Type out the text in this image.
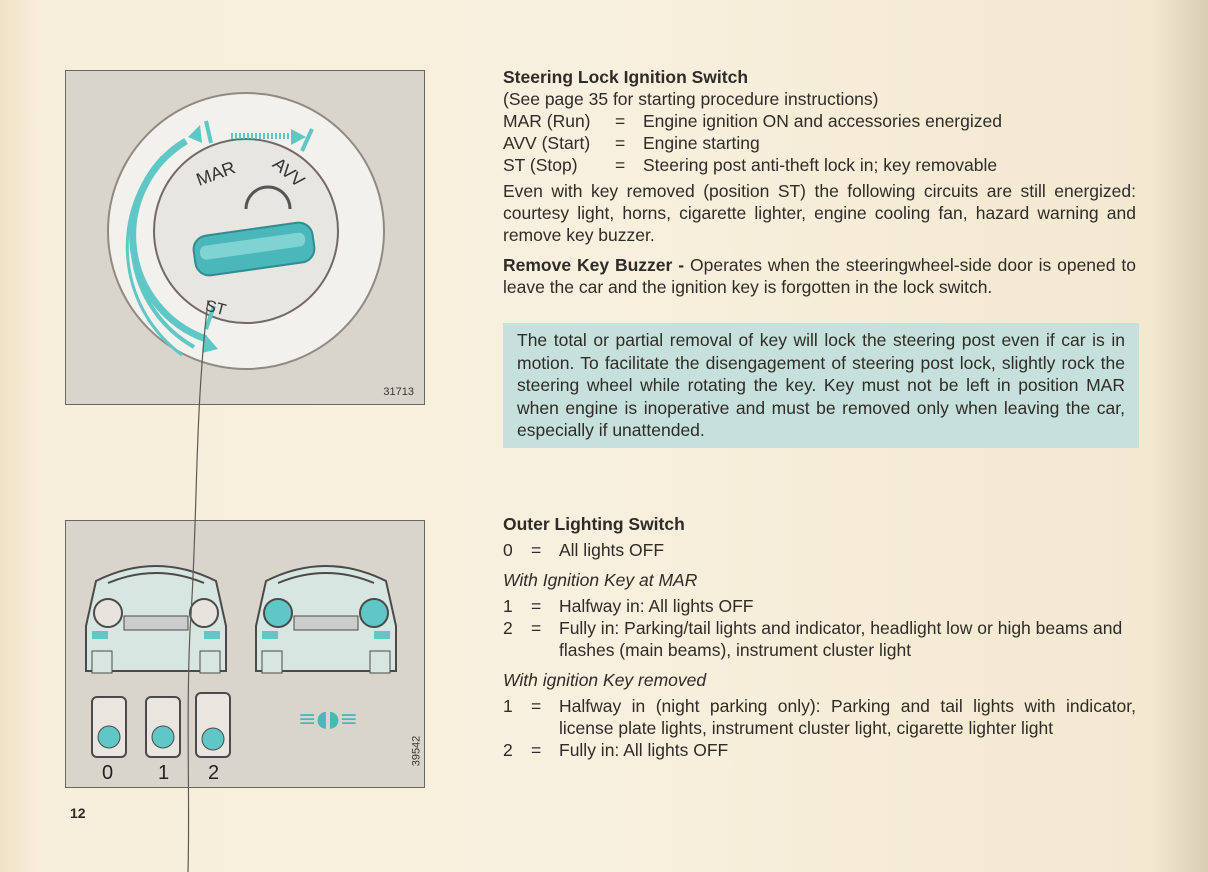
MAR AVV
ST
31713
≡◖◗≡
0 1 2
39542
Steering Lock Ignition Switch

(See page 35 for starting procedure instructions)

MAR (Run)	=	Engine ignition ON and accessories energized
AVV (Start)	=	Engine starting
ST (Stop)	=	Steering post anti-theft lock in; key removable

Even with key removed (position ST) the following circuits are still energized: courtesy light, horns, cigarette lighter, engine cooling fan, hazard warning and remove key buzzer.

Remove Key Buzzer - Operates when the steeringwheel-side door is opened to leave the car and the ignition key is forgotten in the lock switch.

The total or partial removal of key will lock the steering post even if car is in motion. To facilitate the disengagement of steering post lock, slightly rock the steering wheel while rotating the key. Key must not be left in position MAR when engine is inoperative and must be removed only when leaving the car, especially if unattended.
Outer Lighting Switch
0	=	All lights OFF

With Ignition Key at MAR

1	=	Halfway in: All lights OFF
2	=	Fully in: Parking/tail lights and indicator, headlight low or high beams and flashes (main beams), instrument cluster light

With ignition Key removed

1	=	Halfway in (night parking only): Parking and tail lights with indicator, license plate lights, instrument cluster light, cigarette lighter light
2	=	Fully in: All lights OFF
12
